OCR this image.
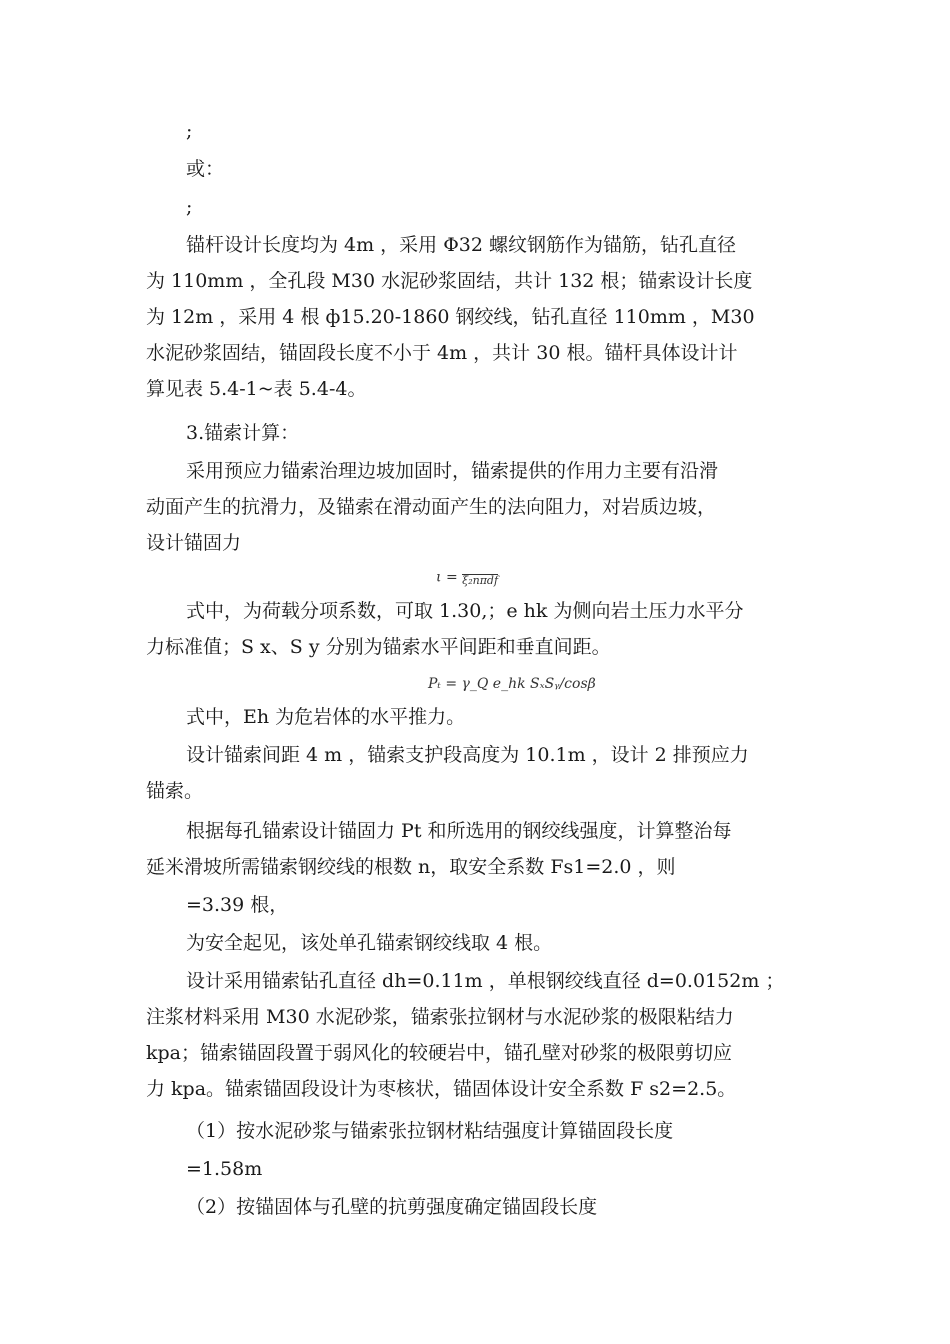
;

或：

;

锚杆设计长度均为 4m ，采用 Φ32 螺纹钢筋作为锚筋，钻孔直径
为 110mm ，全孔段 M30 水泥砂浆固结，共计 132 根；锚索设计长度
为 12m ，采用 4 根 ф15.20-1860 钢绞线，钻孔直径 110mm ，M30
水泥砂浆固结，锚固段长度不小于 4m ，共计 30 根。锚杆具体设计计
算见表 5.4-1~表 5.4-4。

3.锚索计算：

采用预应力锚索治理边坡加固时，锚索提供的作用力主要有沿滑
动面产生的抗滑力，及锚索在滑动面产生的法向阻力，对岩质边坡，
设计锚固力
ι = ξ₂nπdf
式中，为荷载分项系数，可取 1.30,；e hk 为侧向岩土压力水平分
力标准值；S x、S y 分别为锚索水平间距和垂直间距。
Pₜ = γ_Q e_hk SₓSᵧ/cosβ

式中，Eh 为危岩体的水平推力。

设计锚索间距 4 m ，锚索支护段高度为 10.1m ，设计 2 排预应力
锚索。
根据每孔锚索设计锚固力 Pt 和所选用的钢绞线强度，计算整治每
延米滑坡所需锚索钢绞线的根数 n，取安全系数 Fs1=2.0 ，则

=3.39 根，

为安全起见，该处单孔锚索钢绞线取 4 根。

设计采用锚索钻孔直径 dh=0.11m ，单根钢绞线直径 d=0.0152m ；
注浆材料采用 M30 水泥砂浆，锚索张拉钢材与水泥砂浆的极限粘结力
kpa；锚索锚固段置于弱风化的较硬岩中，锚孔壁对砂浆的极限剪切应
力 kpa。锚索锚固段设计为枣核状，锚固体设计安全系数 F s2=2.5。

（1）按水泥砂浆与锚索张拉钢材粘结强度计算锚固段长度

=1.58m

（2）按锚固体与孔壁的抗剪强度确定锚固段长度
